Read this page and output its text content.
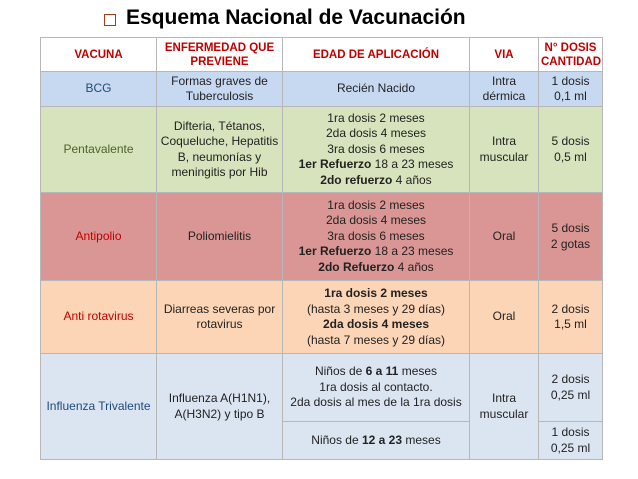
Esquema Nacional de Vacunación
VACUNA	ENFERMEDAD QUE PREVIENE	EDAD DE APLICACIÓN	VIA	N° DOSIS CANTIDAD
BCG	Formas graves de Tuberculosis	Recién Nacido	Intra dérmica	1 dosis
0,1 ml

Pentavalente	Difteria, Tétanos, Coqueluche, Hepatitis B, neumonías y meningitis por Hib	1ra dosis 2 meses
2da dosis 4 meses
3ra dosis 6 meses
1er Refuerzo 18 a 23 meses
2do refuerzo 4 años	Intra muscular	5 dosis
0,5 ml

Antipolio	Poliomielitis	1ra dosis 2 meses
2da dosis 4 meses
3ra dosis 6 meses
1er Refuerzo 18 a 23 meses
2do Refuerzo 4 años	Oral	5 dosis
2 gotas

Anti rotavirus	Diarreas severas por rotavirus	1ra dosis 2 meses
(hasta 3 meses y 29 días)
2da dosis 4 meses
(hasta 7 meses y 29 días)	Oral	2 dosis
1,5 ml

Influenza Trivalente	Influenza A(H1N1), A(H3N2) y tipo B	Niños de 6 a 11 meses
1ra dosis al contacto.
2da dosis al mes de la 1ra dosis	Intra muscular	2 dosis
0,25 ml

		Niños de 12 a 23 meses		1 dosis
0,25 ml
